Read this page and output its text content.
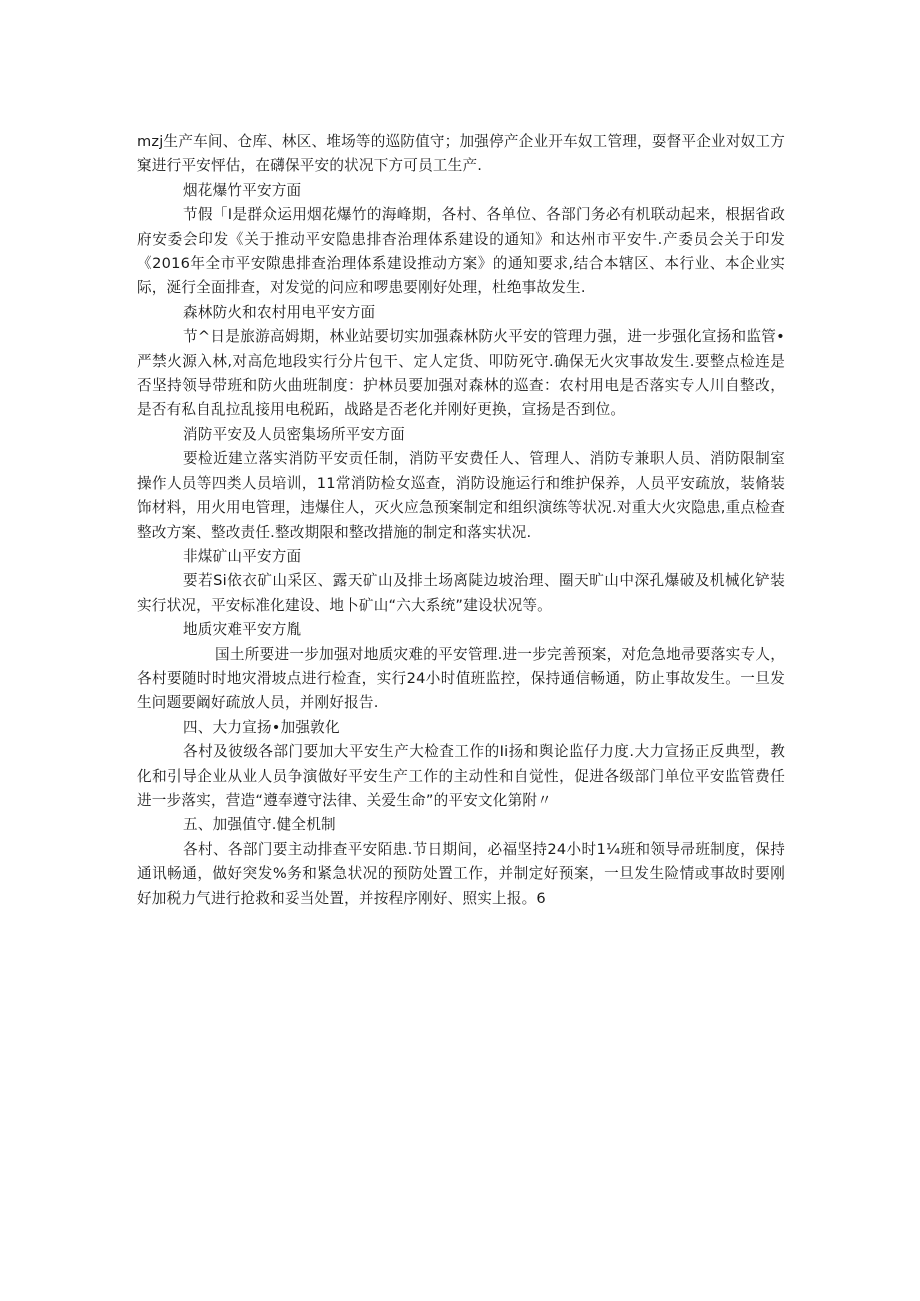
mzj生产车间、仓库、林区、堆场等的巡防值守；加强停产企业开车奴工管理，耍督平企业对奴工方窠进行平安怦估，在礴保平安的状况下方可员工生产.

烟花爆竹平安方面

节假「I是群众运用烟花爆竹的海峰期，各村、各单位、各部门务必有机联动起来，根据省政府安委会印发《关于推动平安隐患排杳治理体系建设的通知》和达州市平安牛.产委员会关于印发《2016年全市平安隙患排查治理体系建设推动方案》的通知要求,结合本辖区、本行业、本企业实际，涎行全面排查，对发觉的问应和啰患要刚好处理，杜绝事故发生.

森林防火和农村用电平安方面

节^日是旅游高姆期，林业站要切实加强森林防火平安的管理力强，进一步强化宣扬和监管•严禁火源入林,对高危地段实行分片包干、定人定货、叩防死守.确保无火灾事故发生.要整点检连是否坚持领导带班和防火曲班制度：护林员要加强对森林的巡查：农村用电是否落实专人川自整改，是否有私自乱拉乱接用电税跖，战路是否老化并刚好更换，宣扬是否到位。

消防平安及人员密集场所平安方面

要检近建立落实消防平安贡任制，消防平安费任人、管理人、消防专兼职人员、消防限制室操作人员等四类人员培训，11常消防检女巡查，消防设施运行和维护保养，人员平安疏放，装脩装饰材料，用火用电管理，违爆住人，灭火应急预案制定和组织演练等状况.对重大火灾隐患,重点检查整改方案、整改责任.整改期限和整改措施的制定和落实状况.

非煤矿山平安方面

要若Si依衣矿山采区、露天矿山及排土场离陡边坡治理、圈天旷山中深孔爆破及机械化铲装实行状况，平安标准化建设、地卜矿山“六大系统”建设状况等。

地质灾难平安方胤

国土所要进一步加强对地质灾难的平安管理.进一步完善预案，对危急地帚要落实专人，各村要随时时地灾滑坡点进行检査，实行24小时值班监控，保持通信畅通，防止事故发生。一旦发生问题要阚好疏放人员，并刚好报告.

四、大力宣扬•加强敦化

各村及彼级各部门要加大平安生产大检査工作的Ii扬和舆论监仔力度.大力宣扬正反典型，教化和引导企业从业人员争演做好平安生产工作的主动性和自觉性，促进各级部门单位平安监管费任进一步落实，营造“遵奉遵守法律、关爱生命”的平安文化第附〃

五、加强值守.健全机制

各村、各部门要主动排查平安陌患.节日期间，必福坚持24小时1¼班和领导帚班制度，保持通讯畅通，做好突发%务和紧急状况的预防处置工作，并制定好预案，一旦发生险情或事故时要刚好加税力气进行抢救和妥当处置，并按程序刚好、照实上报。6
